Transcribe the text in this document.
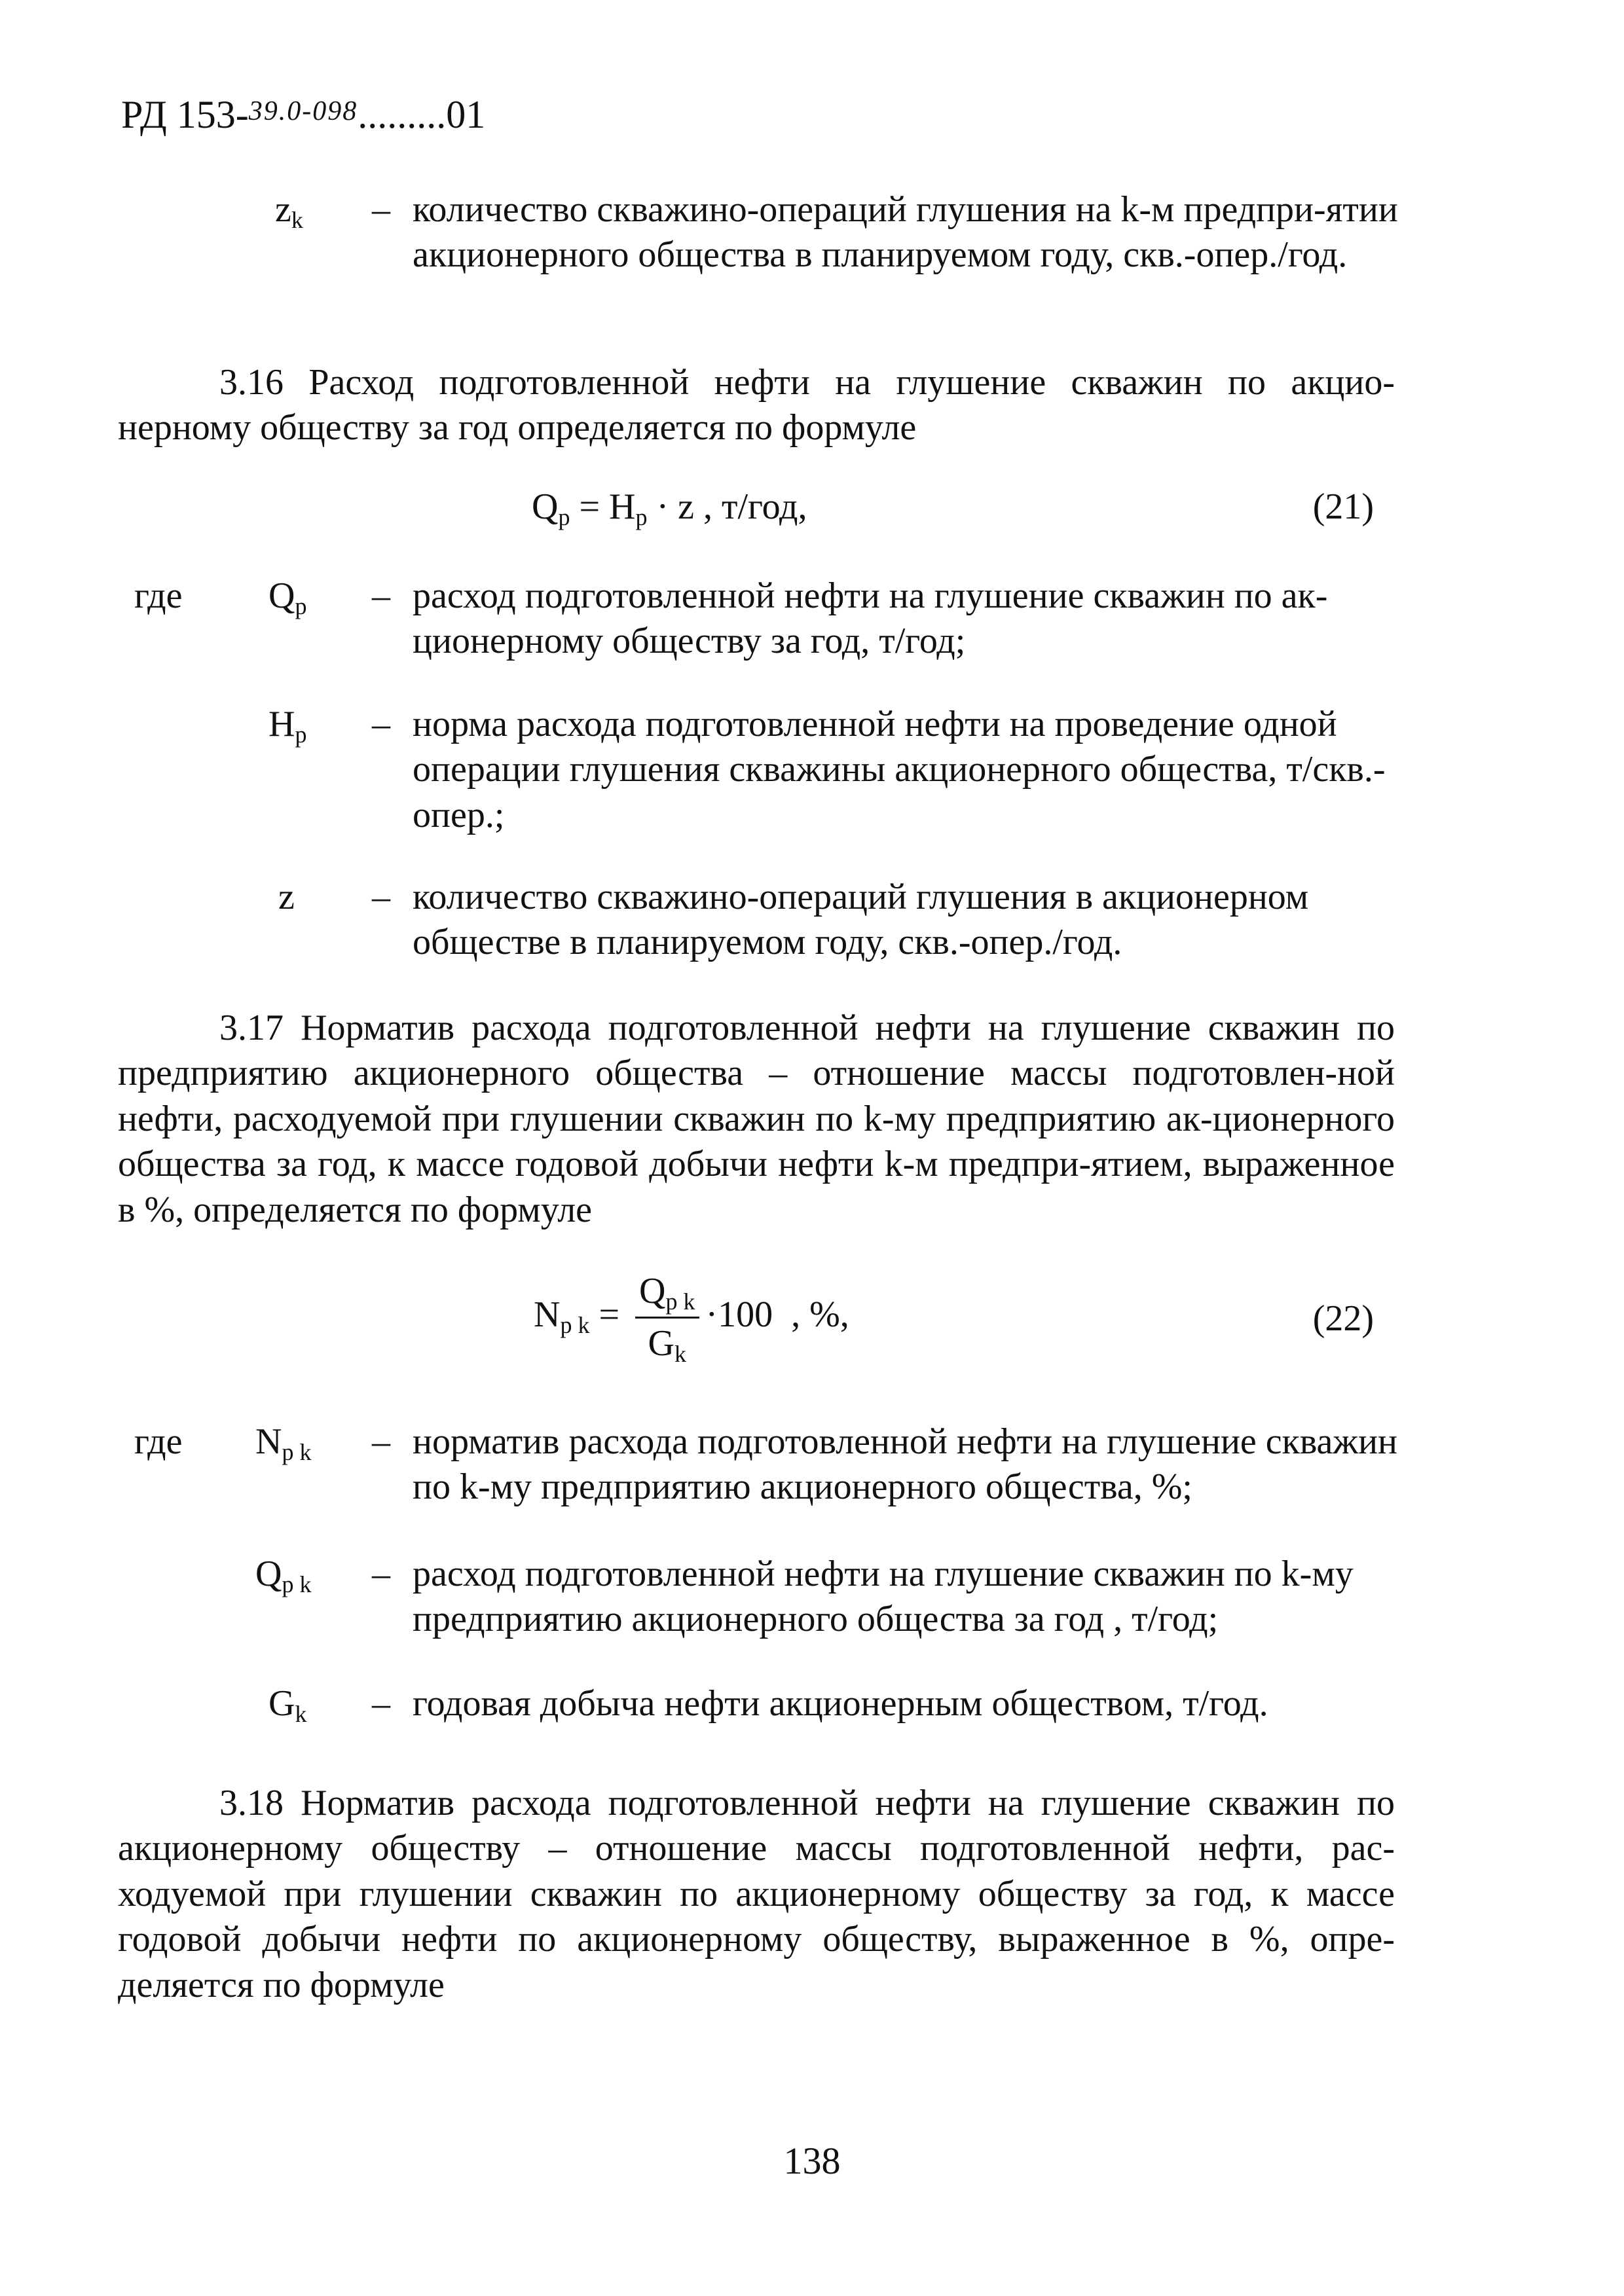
РД 153-$^{39.0-098}$.........01
$z_k$	– количество скважино-операций глушения на k-м предпри-ятии акционерного общества в планируемом году, скв.-опер./год.
3.16 Расход подготовленной нефти на глушение скважин по акцио-нерному обществу за год определяется по формуле
$Q_p = H_p \cdot z$ , т/год,	(21)
где $Q_p$	– расход подготовленной нефти на глушение скважин по ак-ционерному обществу за год, т/год;
$H_p$	– норма расхода подготовленной нефти на проведение одной операции глушения скважины акционерного общества, т/скв.-опер.;
z	– количество скважино-операций глушения в акционерном обществе в планируемом году, скв.-опер./год.
3.17 Норматив расхода подготовленной нефти на глушение скважин по предприятию акционерного общества – отношение массы подготовлен-ной нефти, расходуемой при глушении скважин по k-му предприятию ак-ционерного общества за год, к массе годовой добычи нефти k-м предпри-ятием, выраженное в %, определяется по формуле
$N_{p k} = \frac{Q_{p k}}{G_k} \cdot 100$ , %,	(22)
где $N_{p k}$	– норматив расхода подготовленной нефти на глушение скважин по k-му предприятию акционерного общества, %;
$Q_{p k}$	– расход подготовленной нефти на глушение скважин по k-му предприятию акционерного общества за год , т/год;
$G_k$	– годовая добыча нефти акционерным обществом, т/год.
3.18 Норматив расхода подготовленной нефти на глушение скважин по акционерному обществу – отношение массы подготовленной нефти, рас-ходуемой при глушении скважин по акционерному обществу за год, к массе годовой добычи нефти по акционерному обществу, выраженное в %, опре-деляется по формуле
138
